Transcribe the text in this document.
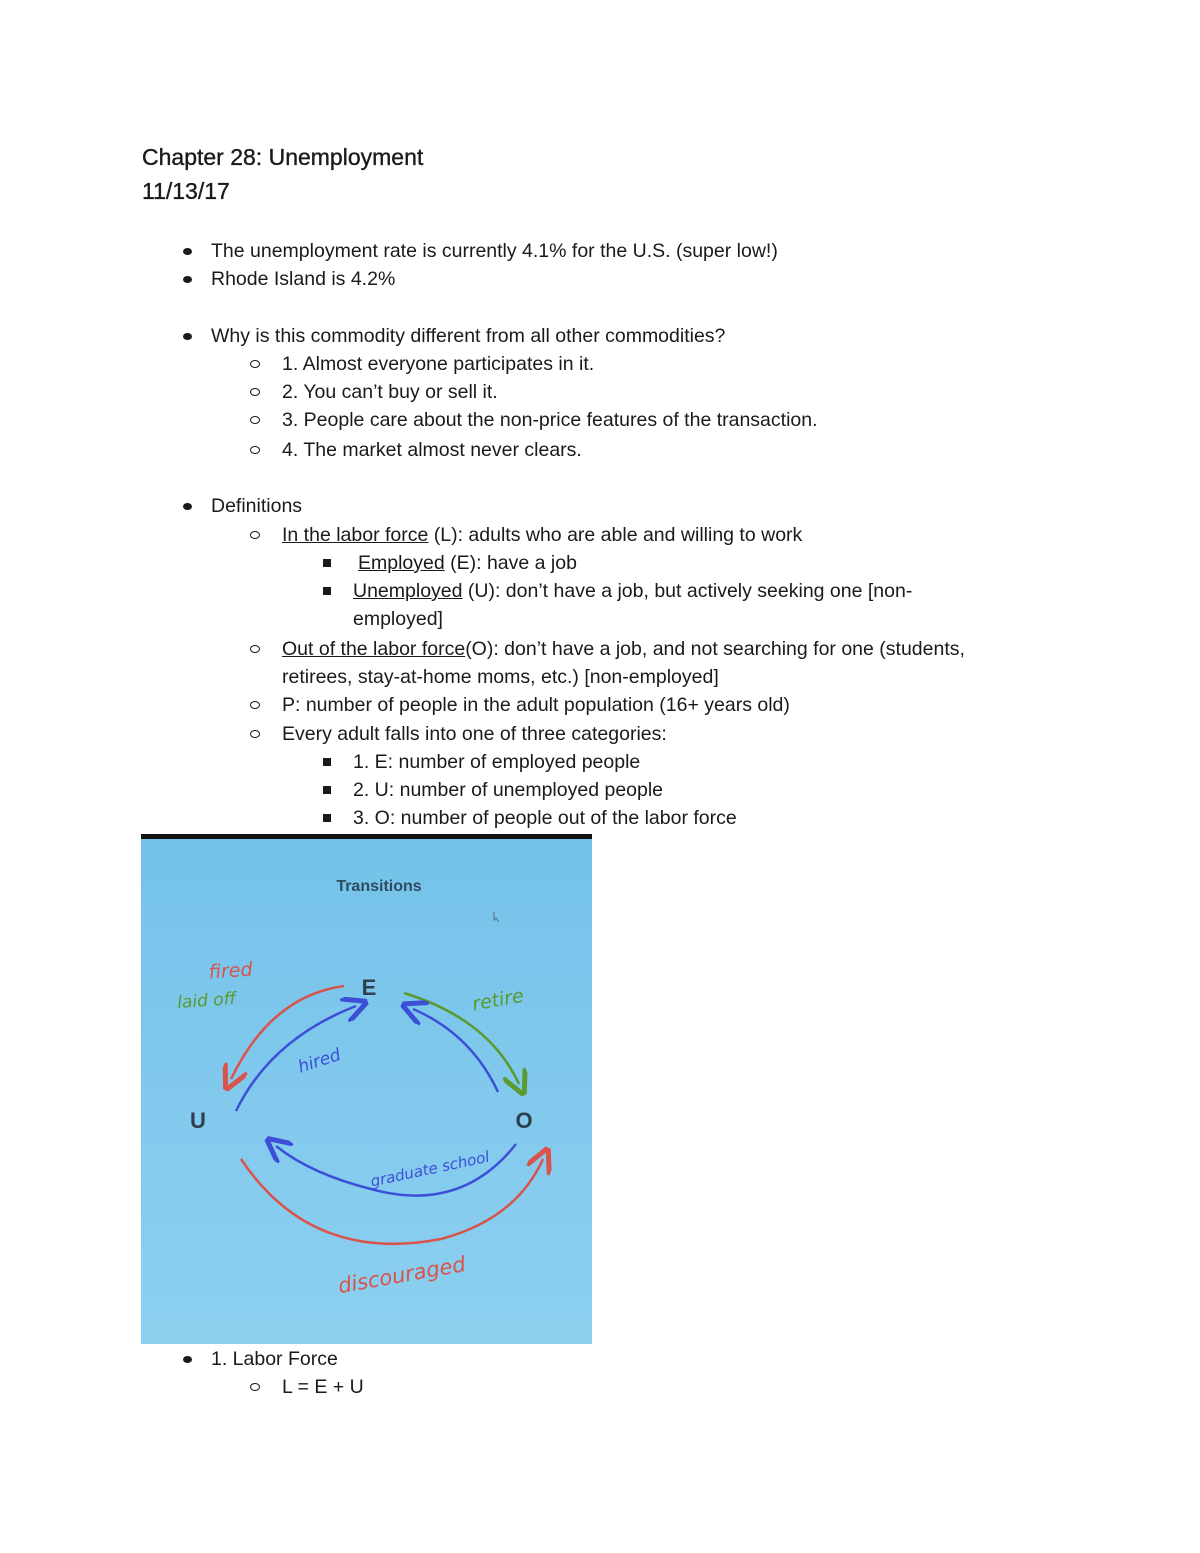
Chapter 28: Unemployment

11/13/17

The unemployment rate is currently 4.1% for the U.S. (super low!)
Rhode Island is 4.2%
Why is this commodity different from all other commodities?
1. Almost everyone participates in it.
2. You can’t buy or sell it.
3. People care about the non-price features of the transaction.
4. The market almost never clears.
Definitions
In the labor force (L): adults who are able and willing to work
Employed (E): have a job
Unemployed (U): don’t have a job, but actively seeking one [non-
employed]
Out of the labor force(O): don’t have a job, and not searching for one (students,
retirees, stay-at-home moms, etc.) [non-employed]
P: number of people in the adult population (16+ years old)
Every adult falls into one of three categories:
1. E: number of employed people
2. U: number of unemployed people
3. O: number of people out of the labor force
Transitions
E
U	O
fired
laid off
hired
retire
graduate school
discouraged
1. Labor Force
L = E + U
